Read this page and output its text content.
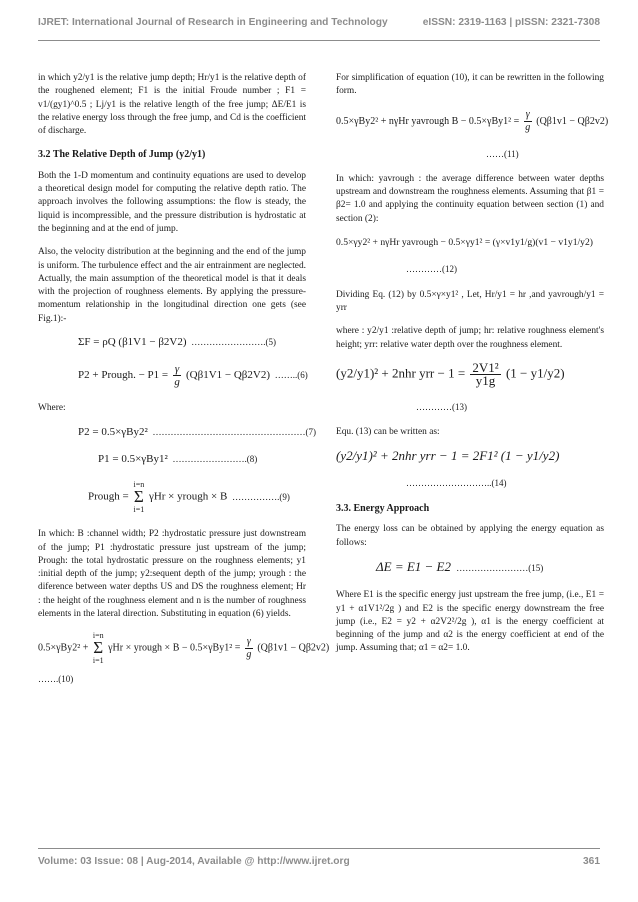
IJRET: International Journal of Research in Engineering and Technology	eISSN: 2319-1163 | pISSN: 2321-7308

in which y2/y1 is the relative jump depth; Hr/y1 is the relative depth of the roughened element; F1 is the initial Froude number ; F1 = v1/(gy1)^0.5 ; Lj/y1 is the relative length of the free jump; ΔE/E1 is the relative energy loss through the free jump, and Cd is the coefficient of discharge.

3.2 The Relative Depth of Jump (y2/y1)

Both the 1-D momentum and continuity equations are used to develop a theoretical design model for computing the relative depth ratio. The approach involves the following assumptions: the flow is steady, the liquid is incompressible, and the pressure distribution is hydrostatic at the beginning and at the end of jump.

Also, the velocity distribution at the beginning and the end of the jump is uniform. The turbulence effect and the air entrainment are neglected. Actually, the main assumption of the theoretical model is that it deals with the projection of roughness elements. By applying the pressure-momentum relationship in the longitudinal direction one gets (see Fig.1):-

ΣF = ρQ (β1V1 − β2V2) …………………….(5)
P2 + Prough. − $P1 = \frac{\gamma}{g} (Q\beta 1V1 - Q\beta 2V2)$ ……..(6)

Where:

P2 = 0.5×γBy2² ……………………………………………(7)
P1 = 0.5×γBy1² …………………….(8)
Prough = i=n
Σ
i=1 γHr × yrough × B …………….(9)

In which: B :channel width; P2 :hydrostatic pressure just downstream of the jump; P1 :hydrostatic pressure just upstream of the jump; Prough: the total hydrostatic pressure on the roughness elements; y1 :initial depth of the jump; y2:sequent depth of the jump; yrough : the diference between water depths US and DS the roughness element; Hr : the height of the roughness element and n is the number of roughness elements in the lateral direction. Substituting in equation (6) yields.

0.5×γBy2² + i=n
Σ
i=1 γHr × yrough × $B - 0.5\times\gamma By1^2 = \frac{\gamma}{g} (Q\beta 1v1 - Q\beta 2v2)$
…….(10)

For simplification of equation (10), it can be rewritten in the following form.

0.5×γBy2² + nγHr yavrough $B - 0.5\times\gamma By1^2 = \frac{\gamma}{g} (Q\beta 1v1 - Q\beta 2v2)$
……(11)

In which: yavrough : the average difference between water depths upstream and downstream the roughness elements. Assuming that β1 = β2= 1.0 and applying the continuity equation between section (1) and section (2):

0.5×γy2² + nγHr yavrough − 0.5×γy1² = (γ×v1y1/g)(v1 − v1y1/y2)
…………(12)

Dividing Eq. (12) by 0.5×γ×y1² , Let, Hr/y1 = hr ,and yavrough/y1 = yrr

where : y2/y1 :relative depth of jump; hr: relative roughness element's height; yrr: relative water depth over the roughness element.

(y2/y1)² + 2nhr yrr − $1 = \frac{\text{2V1²}}{y1g} (1 - y1/y2)$
…………(13)

Equ. (13) can be written as:

(y2/y1)² + 2nhr yrr − 1 = 2F1² (1 − y1/y2)
………………………..(14)
3.3. Energy Approach

The energy loss can be obtained by applying the energy equation as follows:

ΔE = E1 − E2 ……………………(15)

Where E1 is the specific energy just upstream the free jump, (i.e., E1 = y1 + α1V1²/2g ) and E2 is the specific energy downstream the free jump (i.e., E2 = y2 + α2V2²/2g ), α1 is the energy coefficient at beginning of the jump and α2 is the energy coefficient at end of the jump. Assuming that; α1 = α2= 1.0.

Volume: 03 Issue: 08 | Aug-2014, Available @ http://www.ijret.org	361
